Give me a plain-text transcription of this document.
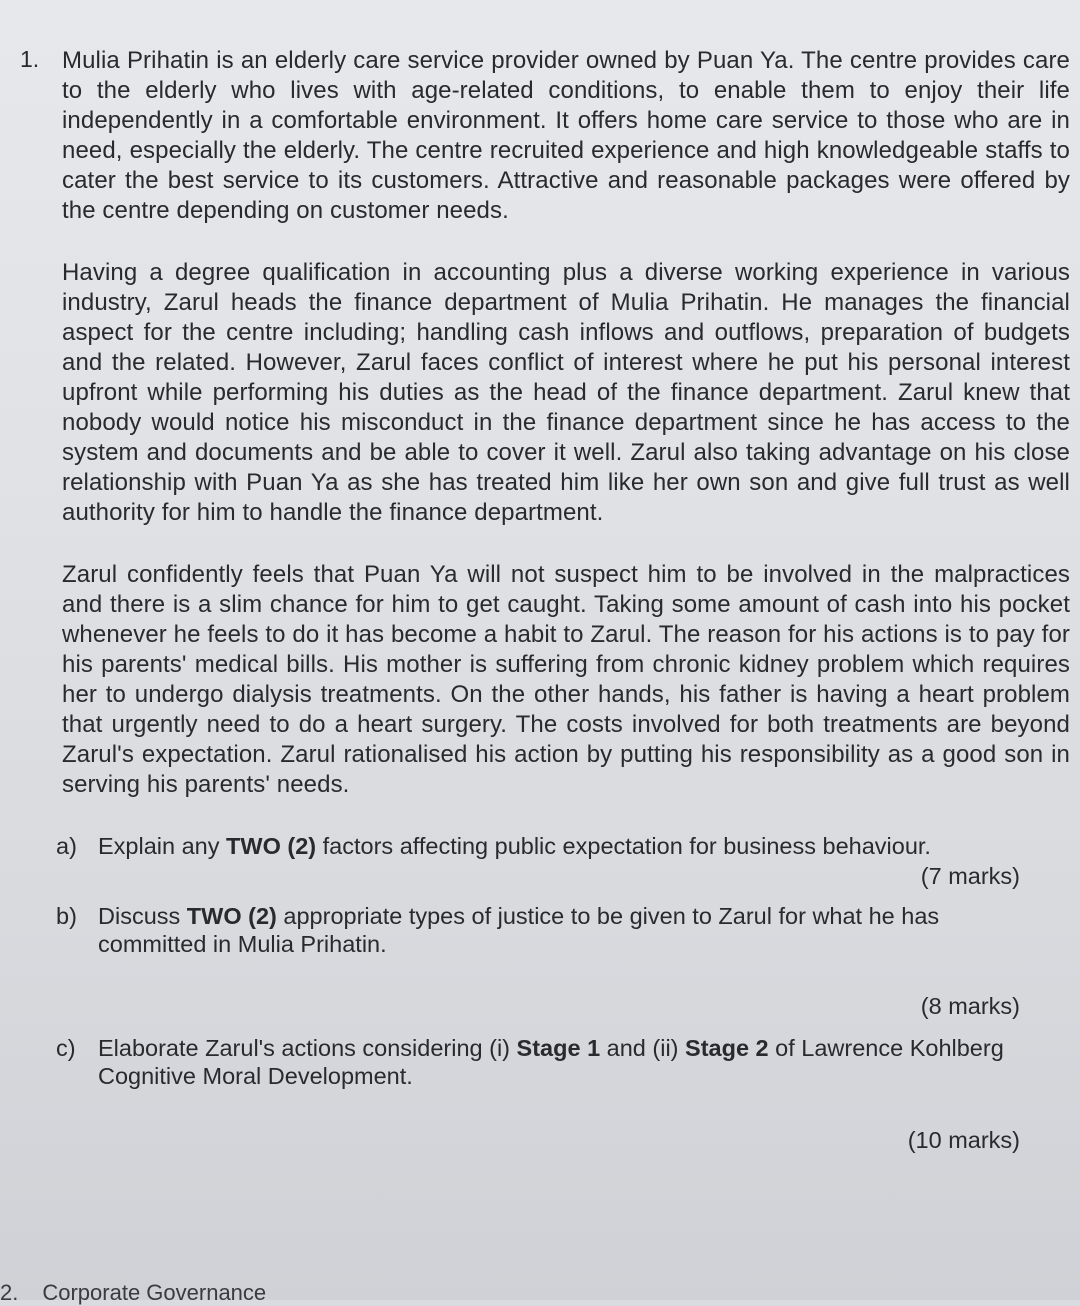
1. Mulia Prihatin is an elderly care service provider owned by Puan Ya. The centre provides care to the elderly who lives with age-related conditions, to enable them to enjoy their life independently in a comfortable environment. It offers home care service to those who are in need, especially the elderly. The centre recruited experience and high knowledgeable staffs to cater the best service to its customers. Attractive and reasonable packages were offered by the centre depending on customer needs.

Having a degree qualification in accounting plus a diverse working experience in various industry, Zarul heads the finance department of Mulia Prihatin. He manages the financial aspect for the centre including; handling cash inflows and outflows, preparation of budgets and the related. However, Zarul faces conflict of interest where he put his personal interest upfront while performing his duties as the head of the finance department. Zarul knew that nobody would notice his misconduct in the finance department since he has access to the system and documents and be able to cover it well. Zarul also taking advantage on his close relationship with Puan Ya as she has treated him like her own son and give full trust as well authority for him to handle the finance department.

Zarul confidently feels that Puan Ya will not suspect him to be involved in the malpractices and there is a slim chance for him to get caught. Taking some amount of cash into his pocket whenever he feels to do it has become a habit to Zarul. The reason for his actions is to pay for his parents' medical bills. His mother is suffering from chronic kidney problem which requires her to undergo dialysis treatments. On the other hands, his father is having a heart problem that urgently need to do a heart surgery. The costs involved for both treatments are beyond Zarul's expectation. Zarul rationalised his action by putting his responsibility as a good son in serving his parents' needs.

a) Explain any TWO (2) factors affecting public expectation for business behaviour.
(7 marks)
b) Discuss TWO (2) appropriate types of justice to be given to Zarul for what he has committed in Mulia Prihatin.
(8 marks)
c) Elaborate Zarul's actions considering (i) Stage 1 and (ii) Stage 2 of Lawrence Kohlberg Cognitive Moral Development.
(10 marks)
2. Corporate Governance
